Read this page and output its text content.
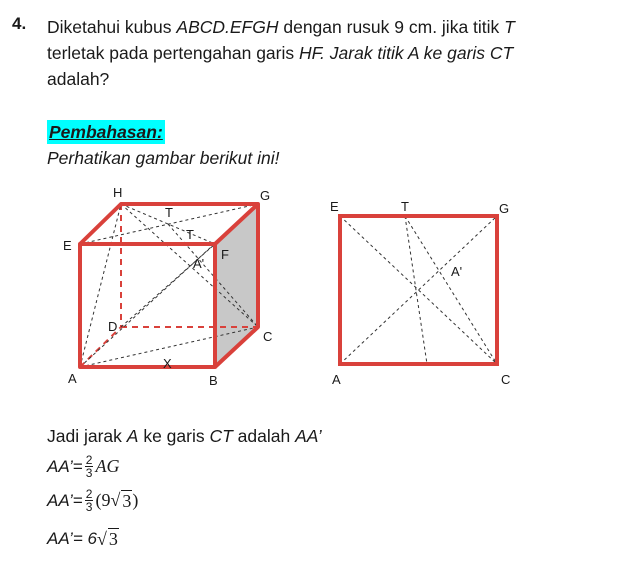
4. Diketahui kubus ABCD.EFGH dengan rusuk 9 cm. jika titik T
terletak pada pertengahan garis HF. Jarak titik A ke garis CT
adalah?
Pembahasan:
Perhatikan gambar berikut ini!
H	G
E
F
T
T
A'
D
C
X
A	B
E	T	G
A'
A	C
Jadi jarak A ke garis CT adalah AA’
AA’ = $\frac{2}{3}$ AG
AA’ = $\frac{2}{3} (9$ √ 3 )
AA’ = 6 √ 3
